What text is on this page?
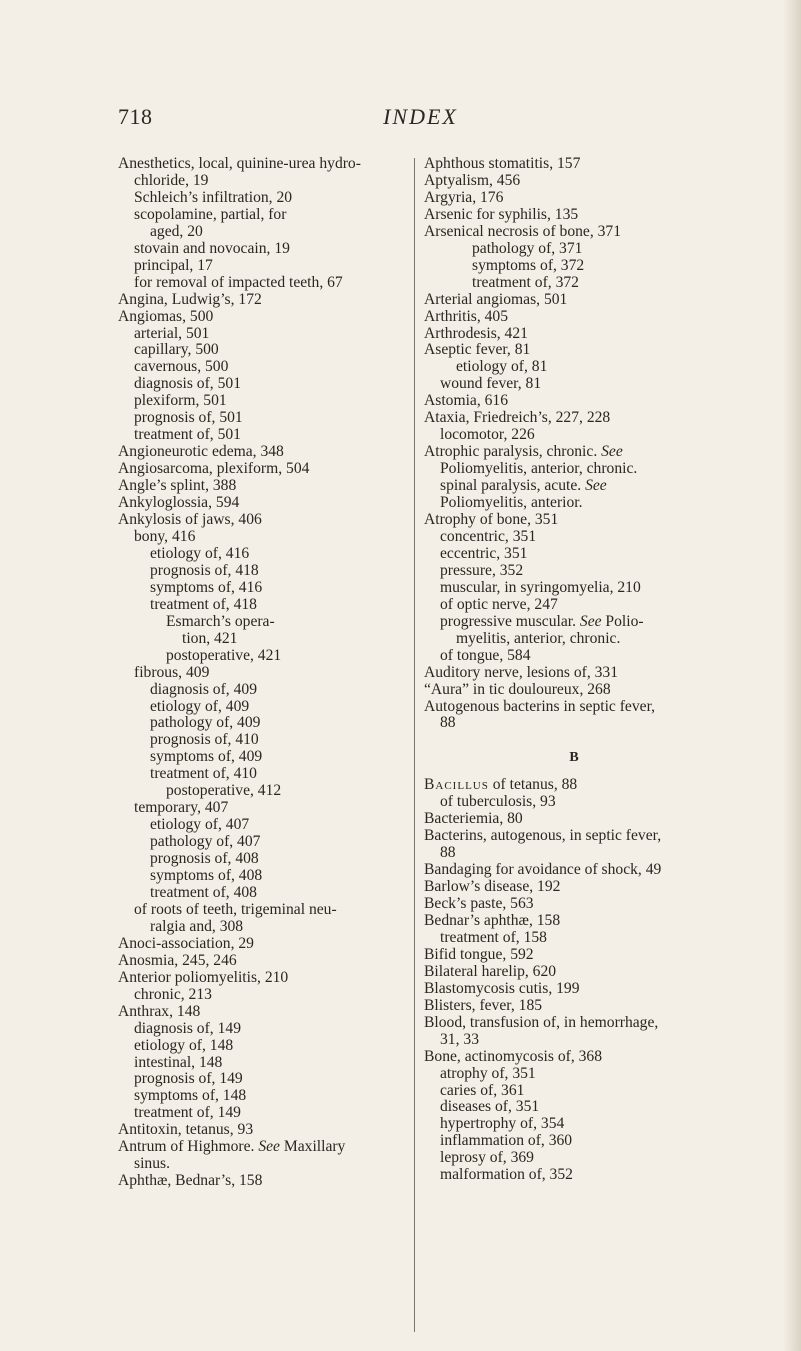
718	INDEX
Anesthetics, local, quinine-urea hydro-
chloride, 19
Schleich’s infiltration, 20
scopolamine, partial, for
aged, 20
stovain and novocain, 19
principal, 17
for removal of impacted teeth, 67
Angina, Ludwig’s, 172
Angiomas, 500
arterial, 501
capillary, 500
cavernous, 500
diagnosis of, 501
plexiform, 501
prognosis of, 501
treatment of, 501
Angioneurotic edema, 348
Angiosarcoma, plexiform, 504
Angle’s splint, 388
Ankyloglossia, 594
Ankylosis of jaws, 406
bony, 416
etiology of, 416
prognosis of, 418
symptoms of, 416
treatment of, 418
Esmarch’s opera-
tion, 421
postoperative, 421
fibrous, 409
diagnosis of, 409
etiology of, 409
pathology of, 409
prognosis of, 410
symptoms of, 409
treatment of, 410
postoperative, 412
temporary, 407
etiology of, 407
pathology of, 407
prognosis of, 408
symptoms of, 408
treatment of, 408
of roots of teeth, trigeminal neu-
ralgia and, 308
Anoci-association, 29
Anosmia, 245, 246
Anterior poliomyelitis, 210
chronic, 213
Anthrax, 148
diagnosis of, 149
etiology of, 148
intestinal, 148
prognosis of, 149
symptoms of, 148
treatment of, 149
Antitoxin, tetanus, 93
Antrum of Highmore. See Maxillary
sinus.
Aphthæ, Bednar’s, 158
Aphthous stomatitis, 157
Aptyalism, 456
Argyria, 176
Arsenic for syphilis, 135
Arsenical necrosis of bone, 371
pathology of, 371
symptoms of, 372
treatment of, 372
Arterial angiomas, 501
Arthritis, 405
Arthrodesis, 421
Aseptic fever, 81
etiology of, 81
wound fever, 81
Astomia, 616
Ataxia, Friedreich’s, 227, 228
locomotor, 226
Atrophic paralysis, chronic. See
Poliomyelitis, anterior, chronic.
spinal paralysis, acute. See
Poliomyelitis, anterior.
Atrophy of bone, 351
concentric, 351
eccentric, 351
pressure, 352
muscular, in syringomyelia, 210
of optic nerve, 247
progressive muscular. See Polio-
myelitis, anterior, chronic.
of tongue, 584
Auditory nerve, lesions of, 331
“Aura” in tic douloureux, 268
Autogenous bacterins in septic fever,
88
B
Bacillus of tetanus, 88
of tuberculosis, 93
Bacteriemia, 80
Bacterins, autogenous, in septic fever,
88
Bandaging for avoidance of shock, 49
Barlow’s disease, 192
Beck’s paste, 563
Bednar’s aphthæ, 158
treatment of, 158
Bifid tongue, 592
Bilateral harelip, 620
Blastomycosis cutis, 199
Blisters, fever, 185
Blood, transfusion of, in hemorrhage,
31, 33
Bone, actinomycosis of, 368
atrophy of, 351
caries of, 361
diseases of, 351
hypertrophy of, 354
inflammation of, 360
leprosy of, 369
malformation of, 352
